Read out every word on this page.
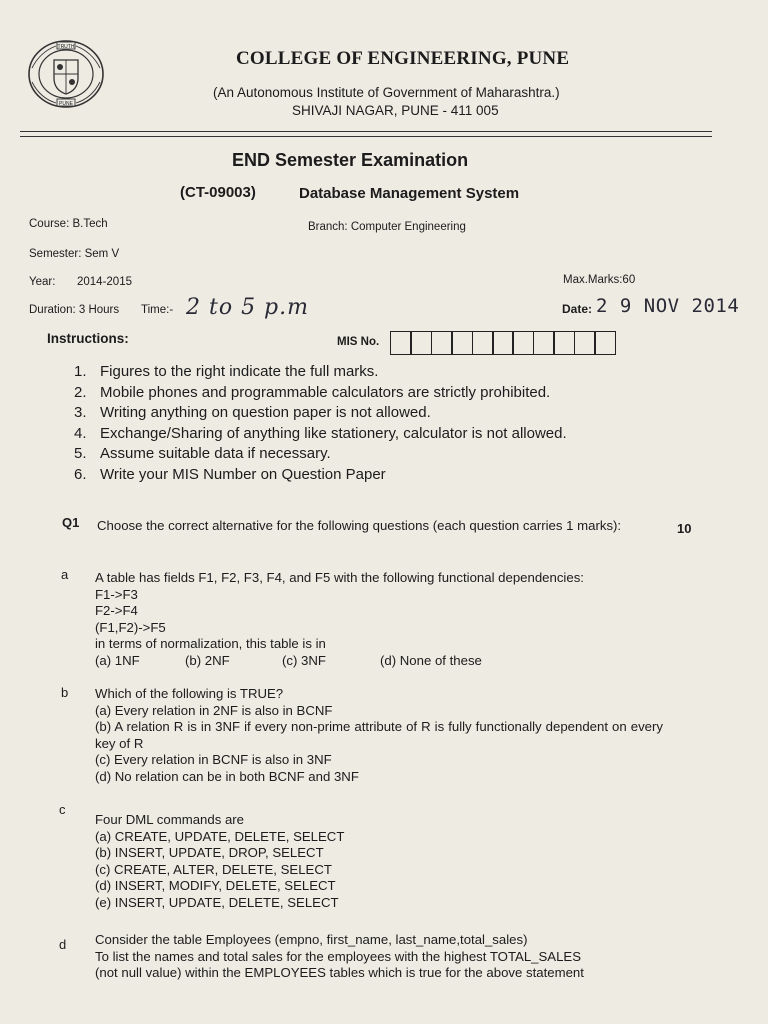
TRUTH
PUNE
COLLEGE OF ENGINEERING, PUNE
(An Autonomous Institute of Government of Maharashtra.)
SHIVAJI NAGAR, PUNE - 411 005
END Semester Examination
(CT-09003)	Database Management System
Course: B.Tech	Branch: Computer Engineering
Semester: Sem V
Year: 2014-2015	Max.Marks:60
Duration: 3 Hours Time:- 2 to 5 p.m	Date: 2 9 NOV 2014
Instructions:	MIS No.
1. Figures to the right indicate the full marks.
2. Mobile phones and programmable calculators are strictly prohibited.
3. Writing anything on question paper is not allowed.
4. Exchange/Sharing of anything like stationery, calculator is not allowed.
5. Assume suitable data if necessary.
6. Write your MIS Number on Question Paper
Q1 Choose the correct alternative for the following questions (each question carries 1 marks):	10
a A table has fields F1, F2, F3, F4, and F5 with the following functional dependencies:
F1->F3
F2->F4
(F1,F2)->F5
in terms of normalization, this table is in
(a) 1NF	(b) 2NF	(c) 3NF	(d) None of these
b Which of the following is TRUE?
(a) Every relation in 2NF is also in BCNF
(b) A relation R is in 3NF if every non-prime attribute of R is fully functionally dependent on every key of R
(c) Every relation in BCNF is also in 3NF
(d) No relation can be in both BCNF and 3NF
c
Four DML commands are
(a) CREATE, UPDATE, DELETE, SELECT
(b) INSERT, UPDATE, DROP, SELECT
(c) CREATE, ALTER, DELETE, SELECT
(d) INSERT, MODIFY, DELETE, SELECT
(e) INSERT, UPDATE, DELETE, SELECT
d Consider the table Employees (empno, first_name, last_name,total_sales)
To list the names and total sales for the employees with the highest TOTAL_SALES
(not null value) within the EMPLOYEES tables which is true for the above statement
